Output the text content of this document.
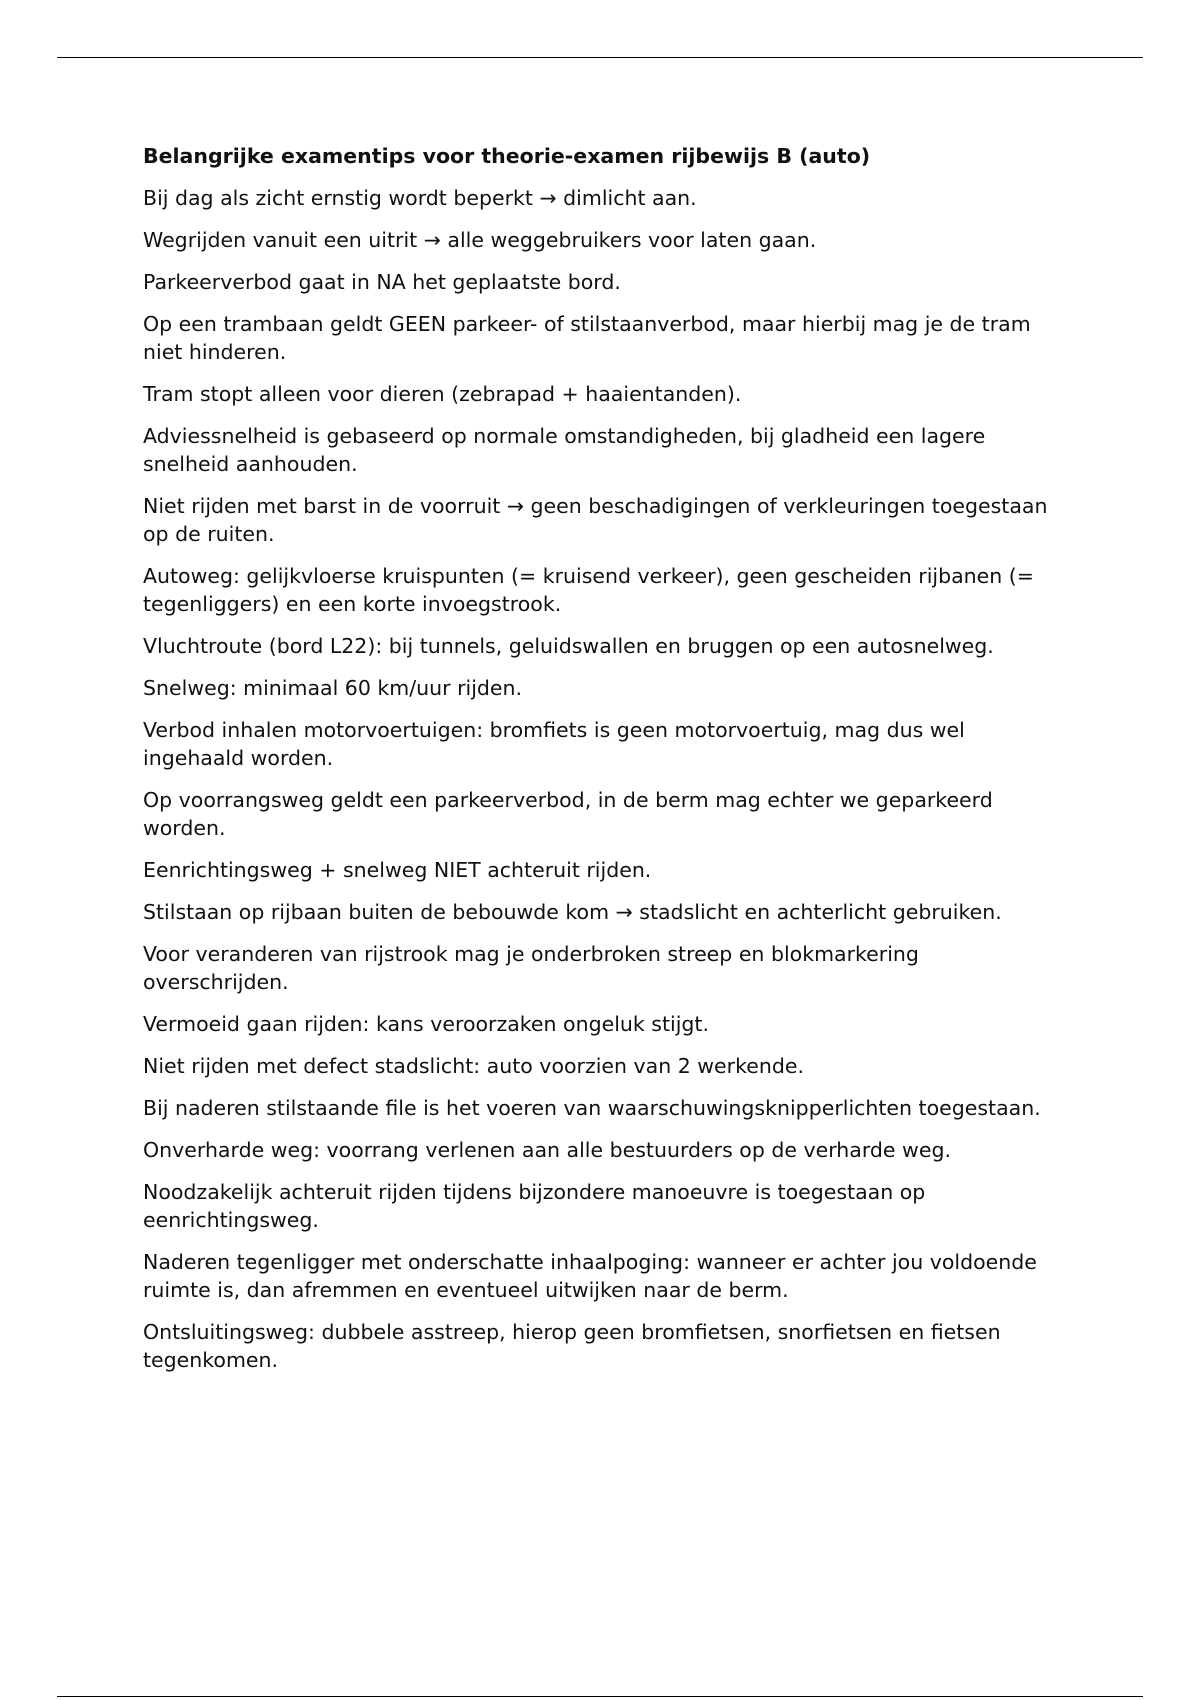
Belangrijke examentips voor theorie-examen rijbewijs B (auto)

Bij dag als zicht ernstig wordt beperkt → dimlicht aan.

Wegrijden vanuit een uitrit → alle weggebruikers voor laten gaan.

Parkeerverbod gaat in NA het geplaatste bord.

Op een trambaan geldt GEEN parkeer- of stilstaanverbod, maar hierbij mag je de tram niet hinderen.

Tram stopt alleen voor dieren (zebrapad + haaientanden).

Adviessnelheid is gebaseerd op normale omstandigheden, bij gladheid een lagere snelheid aanhouden.

Niet rijden met barst in de voorruit → geen beschadigingen of verkleuringen toegestaan op de ruiten.

Autoweg: gelijkvloerse kruispunten (= kruisend verkeer), geen gescheiden rijbanen (= tegenliggers) en een korte invoegstrook.

Vluchtroute (bord L22): bij tunnels, geluidswallen en bruggen op een autosnelweg.

Snelweg: minimaal 60 km/uur rijden.

Verbod inhalen motorvoertuigen: bromfiets is geen motorvoertuig, mag dus wel ingehaald worden.

Op voorrangsweg geldt een parkeerverbod, in de berm mag echter we geparkeerd worden.

Eenrichtingsweg + snelweg NIET achteruit rijden.

Stilstaan op rijbaan buiten de bebouwde kom → stadslicht en achterlicht gebruiken.

Voor veranderen van rijstrook mag je onderbroken streep en blokmarkering overschrijden.

Vermoeid gaan rijden: kans veroorzaken ongeluk stijgt.

Niet rijden met defect stadslicht: auto voorzien van 2 werkende.

Bij naderen stilstaande file is het voeren van waarschuwingsknipperlichten toegestaan.

Onverharde weg: voorrang verlenen aan alle bestuurders op de verharde weg.

Noodzakelijk achteruit rijden tijdens bijzondere manoeuvre is toegestaan op eenrichtingsweg.

Naderen tegenligger met onderschatte inhaalpoging: wanneer er achter jou voldoende ruimte is, dan afremmen en eventueel uitwijken naar de berm.

Ontsluitingsweg: dubbele asstreep, hierop geen bromfietsen, snorfietsen en fietsen tegenkomen.
